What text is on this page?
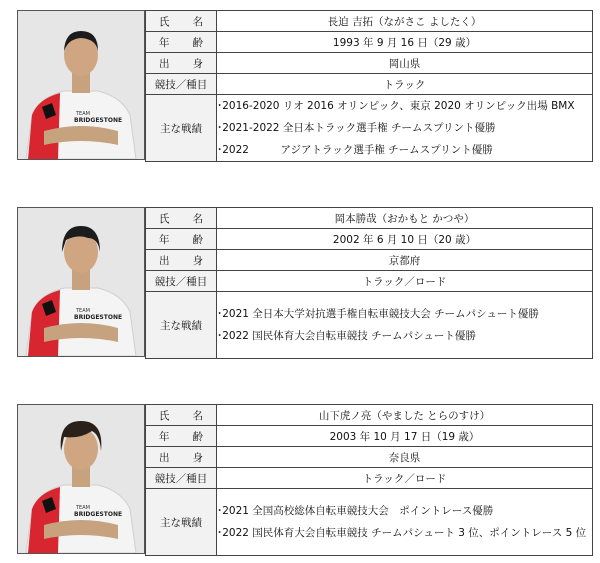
TEAM
BRIDGESTONE
氏 名	長迫 吉拓（ながさこ よしたく）

年 齢	1993 年 9 月 16 日（29 歳）

出 身	岡山県
競技／種目	トラック
主な戦績	･2016-2020 リオ 2016 オリンピック、東京 2020 オリンピック出場 BMX
･2021-2022 全日本トラック選手権 チームスプリント優勝
･2022　　　アジアトラック選手権 チームスプリント優勝
TEAM
BRIDGESTONE
氏 名	岡本勝哉（おかもと かつや）

年 齢	2002 年 6 月 10 日（20 歳）

出 身	京都府
競技／種目	トラック／ロード
主な戦績	･2021 全日本大学対抗選手権自転車競技大会 チームパシュート優勝
･2022 国民体育大会自転車競技 チームパシュート優勝
TEAM
BRIDGESTONE
氏 名	山下虎ノ亮（やました とらのすけ）

年 齢	2003 年 10 月 17 日（19 歳）

出 身	奈良県
競技／種目	トラック／ロード
主な戦績	･2021 全国高校総体自転車競技大会　ポイントレース優勝
･2022 国民体育大会自転車競技 チームパシュート 3 位、ポイントレース 5 位
